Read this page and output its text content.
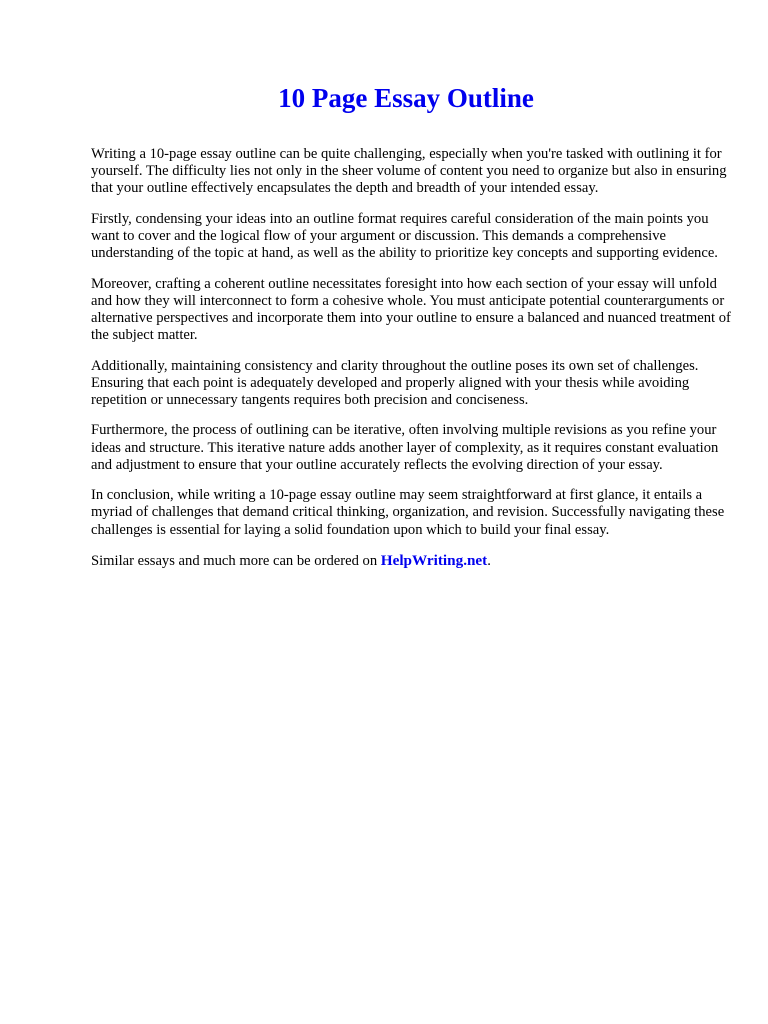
10 Page Essay Outline

Writing a 10-page essay outline can be quite challenging, especially when you're tasked with outlining it for yourself. The difficulty lies not only in the sheer volume of content you need to organize but also in ensuring that your outline effectively encapsulates the depth and breadth of your intended essay.

Firstly, condensing your ideas into an outline format requires careful consideration of the main points you want to cover and the logical flow of your argument or discussion. This demands a comprehensive understanding of the topic at hand, as well as the ability to prioritize key concepts and supporting evidence.

Moreover, crafting a coherent outline necessitates foresight into how each section of your essay will unfold and how they will interconnect to form a cohesive whole. You must anticipate potential counterarguments or alternative perspectives and incorporate them into your outline to ensure a balanced and nuanced treatment of the subject matter.

Additionally, maintaining consistency and clarity throughout the outline poses its own set of challenges. Ensuring that each point is adequately developed and properly aligned with your thesis while avoiding repetition or unnecessary tangents requires both precision and conciseness.

Furthermore, the process of outlining can be iterative, often involving multiple revisions as you refine your ideas and structure. This iterative nature adds another layer of complexity, as it requires constant evaluation and adjustment to ensure that your outline accurately reflects the evolving direction of your essay.

In conclusion, while writing a 10-page essay outline may seem straightforward at first glance, it entails a myriad of challenges that demand critical thinking, organization, and revision. Successfully navigating these challenges is essential for laying a solid foundation upon which to build your final essay.

Similar essays and much more can be ordered on HelpWriting.net.
